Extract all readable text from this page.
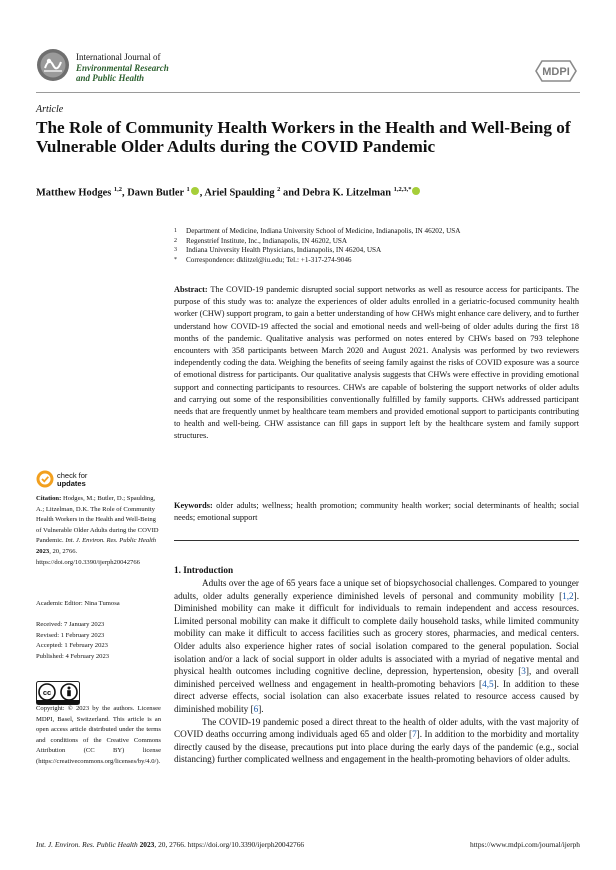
International Journal of
Environmental Research
and Public Health	MDPI
Article
The Role of Community Health Workers in the Health and Well-Being of Vulnerable Older Adults during the COVID Pandemic
Matthew Hodges $^{1,2}$, Dawn Butler $^1$ , Ariel Spaulding $^2$ and Debra K. Litzelman $^{1,2,3,*}$
1	Department of Medicine, Indiana University School of Medicine, Indianapolis, IN 46202, USA
2	Regenstrief Institute, Inc., Indianapolis, IN 46202, USA
3	Indiana University Health Physicians, Indianapolis, IN 46204, USA
*	Correspondence: dklitzel@iu.edu; Tel.: +1-317-274-9046
Abstract: The COVID-19 pandemic disrupted social support networks as well as resource access for participants. The purpose of this study was to: analyze the experiences of older adults enrolled in a geriatric-focused community health worker (CHW) support program, to gain a better understanding of how CHWs might enhance care delivery, and to further understand how COVID-19 affected the social and emotional needs and well-being of older adults during the first 18 months of the pandemic. Qualitative analysis was performed on notes entered by CHWs based on 793 telephone encounters with 358 participants between March 2020 and August 2021. Analysis was performed by two reviewers independently coding the data. Weighing the benefits of seeing family against the risks of COVID exposure was a source of emotional distress for participants. Our qualitative analysis suggests that CHWs were effective in providing emotional support and connecting participants to resources. CHWs are capable of bolstering the support networks of older adults and carrying out some of the responsibilities conventionally fulfilled by family supports. CHWs addressed participant needs that are frequently unmet by healthcare team members and provided emotional support to participants contributing to health and well-being. CHW assistance can fill gaps in support left by the healthcare system and family support structures.
Keywords: older adults; wellness; health promotion; community health worker; social determinants of health; social needs; emotional support
1. Introduction

Adults over the age of 65 years face a unique set of biopsychosocial challenges. Compared to younger adults, older adults generally experience diminished levels of personal and community mobility [1,2]. Diminished mobility can make it difficult for individuals to remain independent and access resources. Limited personal mobility can make it difficult to complete daily household tasks, while limited community mobility can make it difficult to access facilities such as grocery stores, pharmacies, and medical centers. Older adults also experience higher rates of social isolation compared to the general population. Social isolation and/or a lack of social support in older adults is associated with a myriad of negative mental and physical health outcomes including cognitive decline, depression, hypertension, obesity [3], and overall diminished perceived wellness and engagement in health-promoting behaviors [4,5]. In addition to these direct adverse effects, social isolation can also exacerbate issues related to resource access caused by diminished mobility [6].

The COVID-19 pandemic posed a direct threat to the health of older adults, with the vast majority of COVID deaths occurring among individuals aged 65 and older [7]. In addition to the morbidity and mortality directly caused by the disease, precautions put into place during the early days of the pandemic (e.g., social distancing) further complicated wellness and engagement in the health-promoting behaviors of older adults.

check for
updates
Citation: Hodges, M.; Butler, D.; Spaulding, A.; Litzelman, D.K. The Role of Community Health Workers in the Health and Well-Being of Vulnerable Older Adults during the COVID Pandemic. Int. J. Environ. Res. Public Health 2023, 20, 2766. https://doi.org/10.3390/ijerph20042766
Academic Editor: Nina Tumosa
Received: 7 January 2023
Revised: 1 February 2023
Accepted: 1 February 2023
Published: 4 February 2023
cc
Copyright: © 2023 by the authors. Licensee MDPI, Basel, Switzerland. This article is an open access article distributed under the terms and conditions of the Creative Commons Attribution (CC BY) license (https://creativecommons.org/licenses/by/4.0/).
Int. J. Environ. Res. Public Health 2023, 20, 2766. https://doi.org/10.3390/ijerph20042766	https://www.mdpi.com/journal/ijerph
